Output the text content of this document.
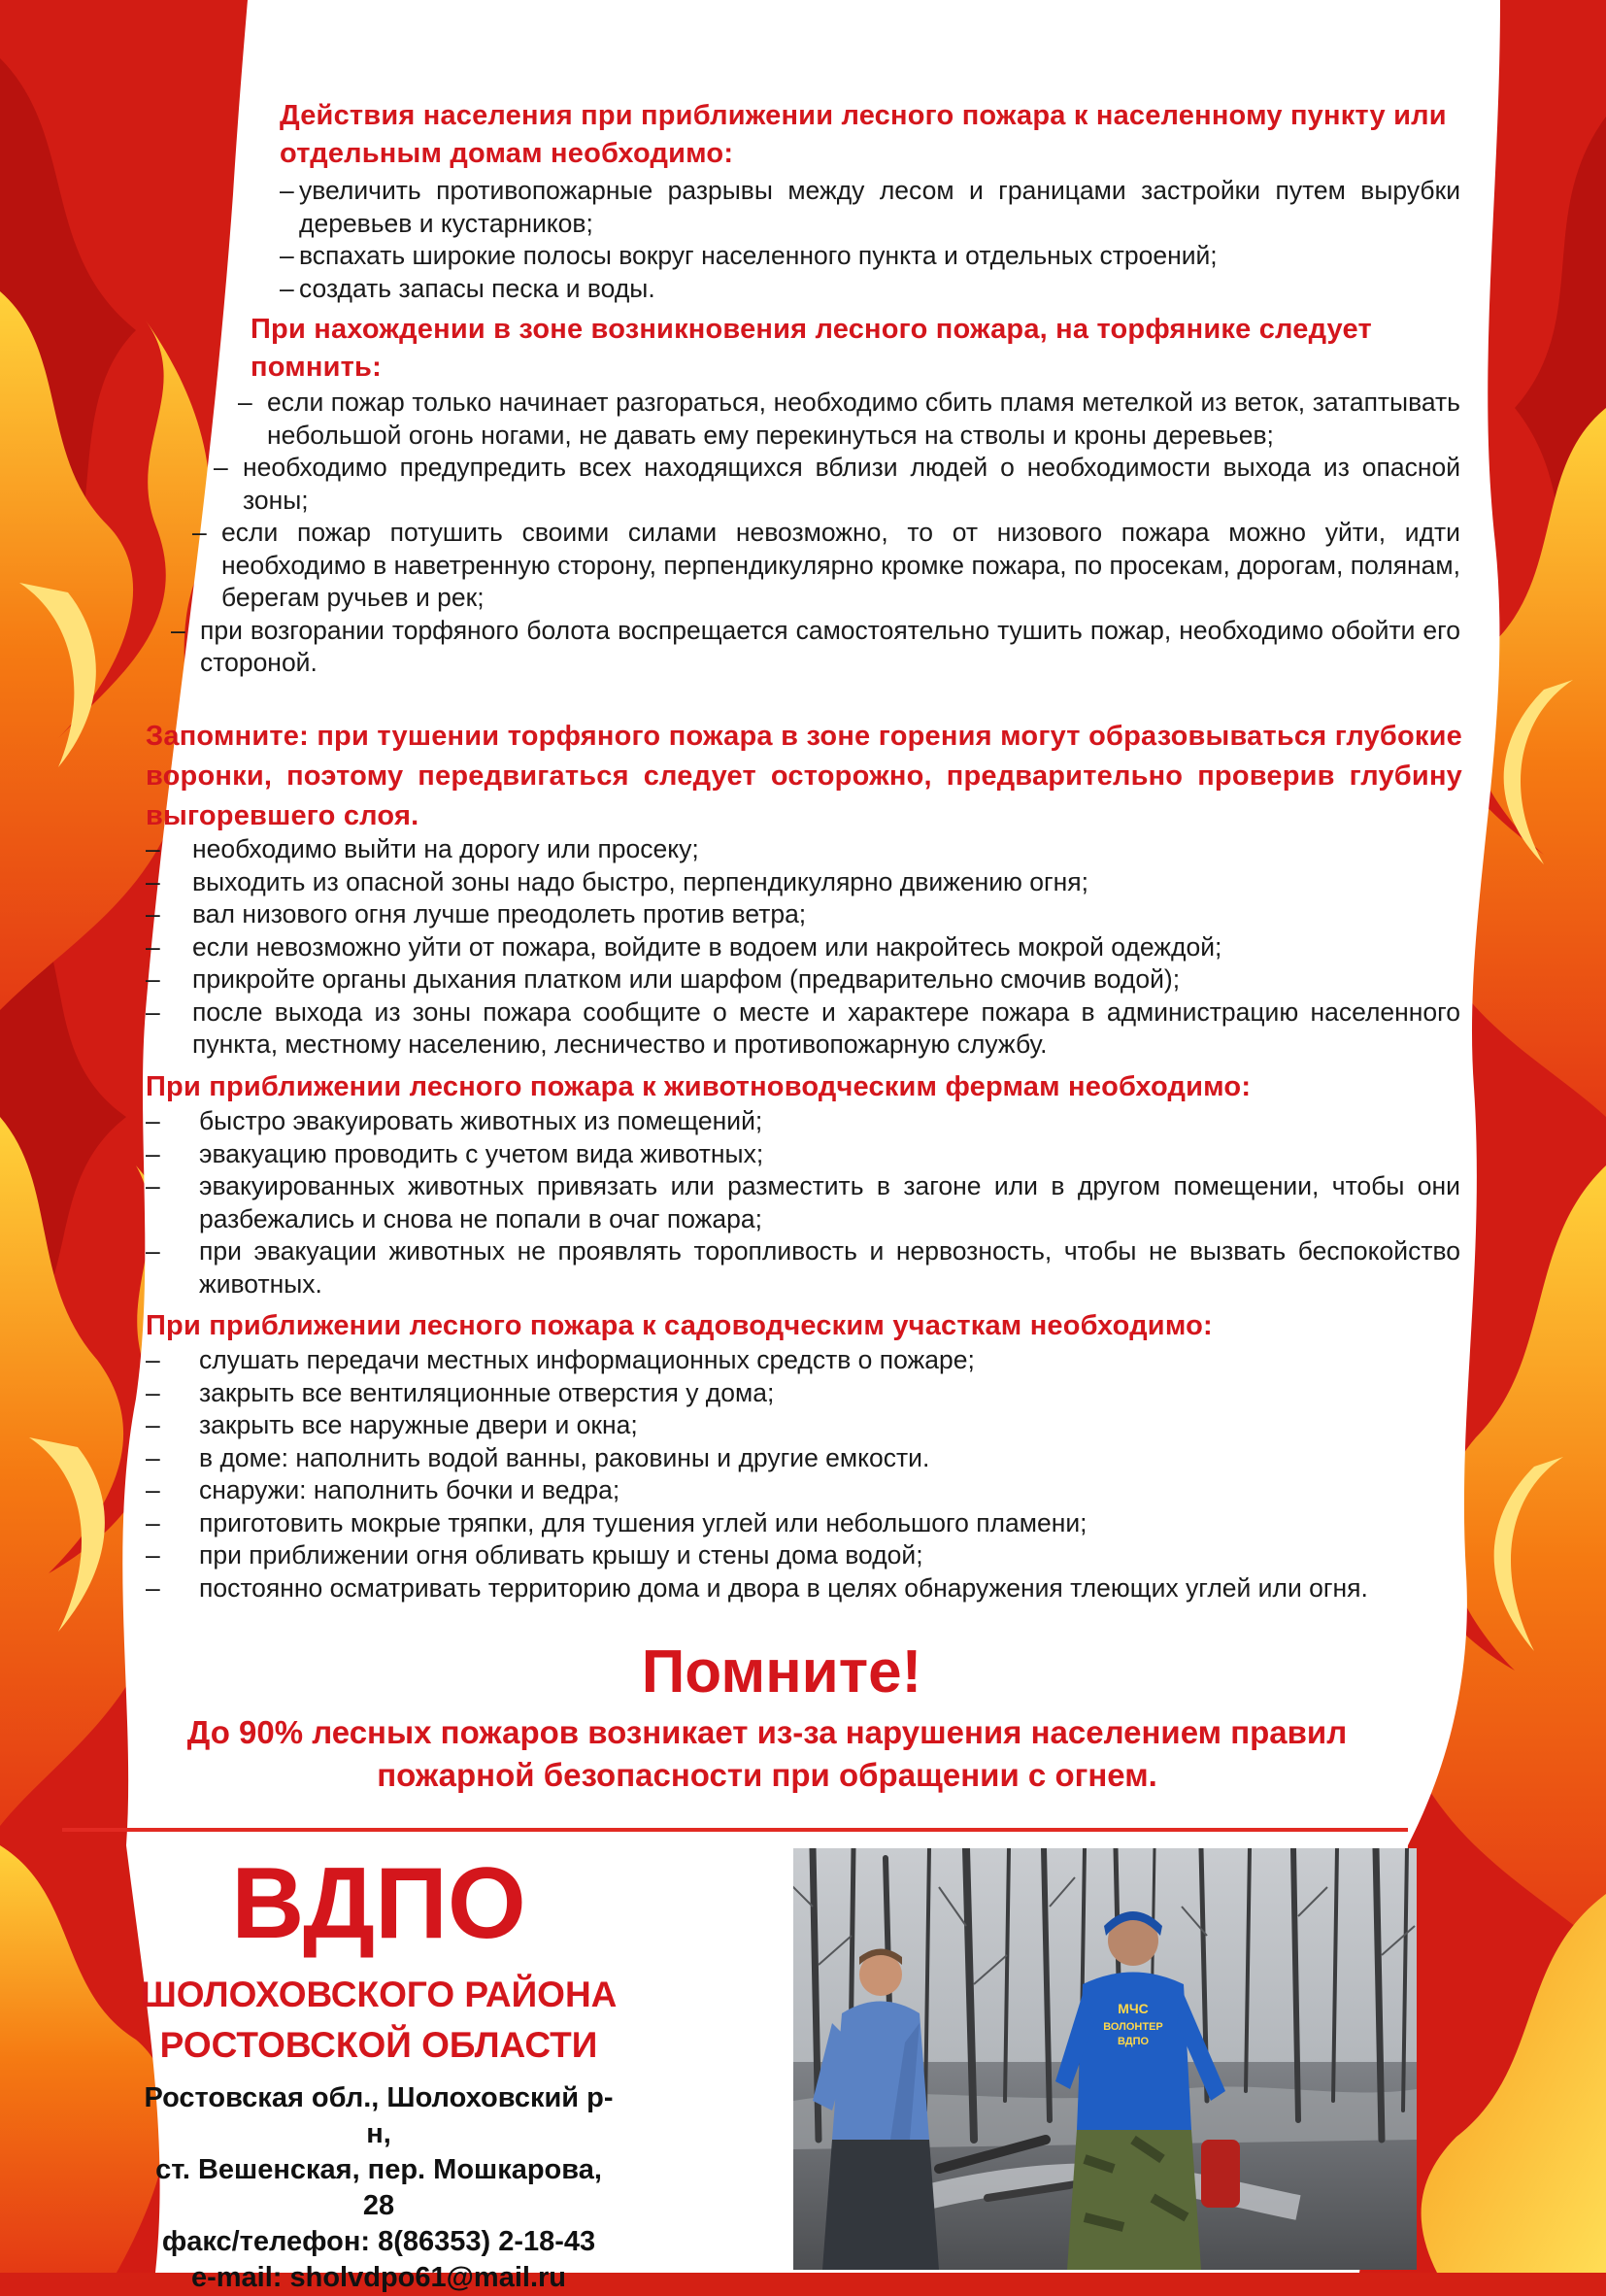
Действия населения при приближении лесного пожара к населенному пункту или отдельным домам необходимо:
– увеличить противопожарные разрывы между лесом и границами застройки путем вырубки деревьев и кустарников;
– вспахать широкие полосы вокруг населенного пункта и отдельных строений;
– создать запасы песка и воды.
При нахождении в зоне возникновения лесного пожара, на торфянике следует помнить:
– если пожар только начинает разгораться, необходимо сбить пламя метелкой из веток, затаптывать небольшой огонь ногами, не давать ему перекинуться на стволы и кроны деревьев;
– необходимо предупредить всех находящихся вблизи людей о необходимости выхода из опасной зоны;
– если пожар потушить своими силами невозможно, то от низового пожара можно уйти, идти необходимо в наветренную сторону, перпендикулярно кромке пожара, по просекам, дорогам, полянам, берегам ручьев и рек;
– при возгорании торфяного болота воспрещается самостоятельно тушить пожар, необходимо обойти его стороной.
Запомните: при тушении торфяного пожара в зоне горения могут образовываться глубокие воронки, поэтому передвигаться следует осторожно, предварительно проверив глубину выгоревшего слоя.
– необходимо выйти на дорогу или просеку;
– выходить из опасной зоны надо быстро, перпендикулярно движению огня;
– вал низового огня лучше преодолеть против ветра;
– если невозможно уйти от пожара, войдите в водоем или накройтесь мокрой одеждой;
– прикройте органы дыхания платком или шарфом (предварительно смочив водой);
– после выхода из зоны пожара сообщите о месте и характере пожара в администрацию населенного пункта, местному населению, лесничество и противопожарную службу.
При приближении лесного пожара к животноводческим фермам необходимо:
– быстро эвакуировать животных из помещений;
– эвакуацию проводить с учетом вида животных;
– эвакуированных животных привязать или разместить в загоне или в другом помещении, чтобы они разбежались и снова не попали в очаг пожара;
– при эвакуации животных не проявлять торопливость и нервозность, чтобы не вызвать беспокойство животных.
При приближении лесного пожара к садоводческим участкам необходимо:
– слушать передачи местных информационных средств о пожаре;
– закрыть все вентиляционные отверстия у дома;
– закрыть все наружные двери и окна;
– в доме: наполнить водой ванны, раковины и другие емкости.
– снаружи: наполнить бочки и ведра;
– приготовить мокрые тряпки, для тушения углей или небольшого пламени;
– при приближении огня обливать крышу и стены дома водой;
– постоянно осматривать территорию дома и двора в целях обнаружения тлеющих углей или огня.
Помните!

До 90% лесных пожаров возникает из-за нарушения населением правил пожарной безопасности при обращении с огнем.

ВДПО
ШОЛОХОВСКОГО РАЙОНА РОСТОВСКОЙ ОБЛАСТИ
Ростовская обл., Шолоховский р-н,
ст. Вешенская, пер. Мошкарова, 28
факс/телефон: 8(86353) 2-18-43
e-mail: sholvdpo61@mail.ru
МЧС
ВОЛОНТЕР
ВДПО
